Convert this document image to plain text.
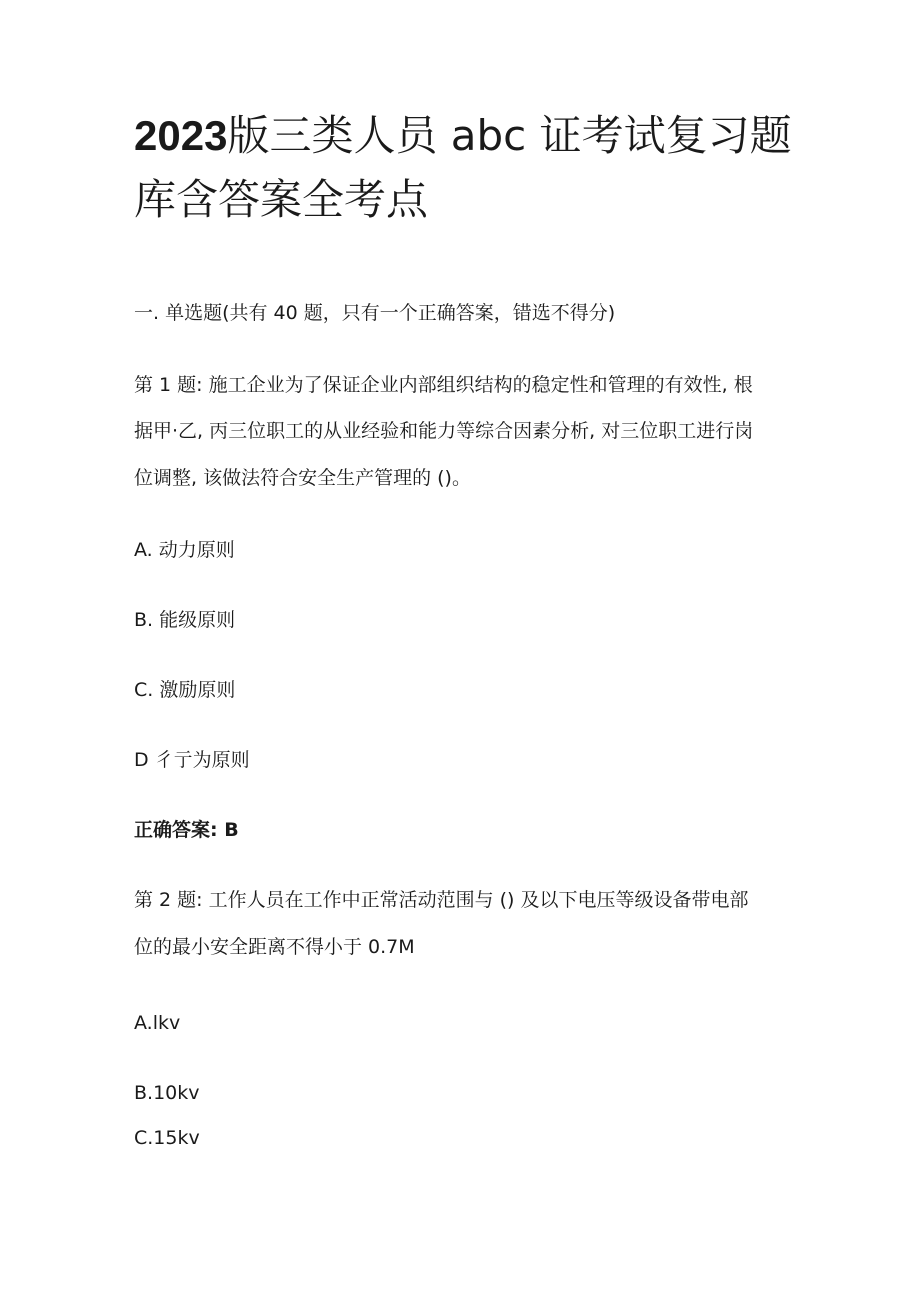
2023版三类人员 abc 证考试复习题
库含答案全考点

一. 单选题(共有 40 题，只有一个正确答案，错选不得分)

第 1 题: 施工企业为了保证企业内部组织结构的稳定性和管理的有效性, 根

据甲·乙, 丙三位职工的从业经验和能力等综合因素分析, 对三位职工进行岗

位调整, 该做法符合安全生产管理的 ()。

A. 动力原则

B. 能级原则

C. 激励原则

D 彳亍为原则

正确答案: B

第 2 题: 工作人员在工作中正常活动范围与 () 及以下电压等级设备带电部

位的最小安全距离不得小于 0.7M

A.lkv

B.10kv

C.15kv
